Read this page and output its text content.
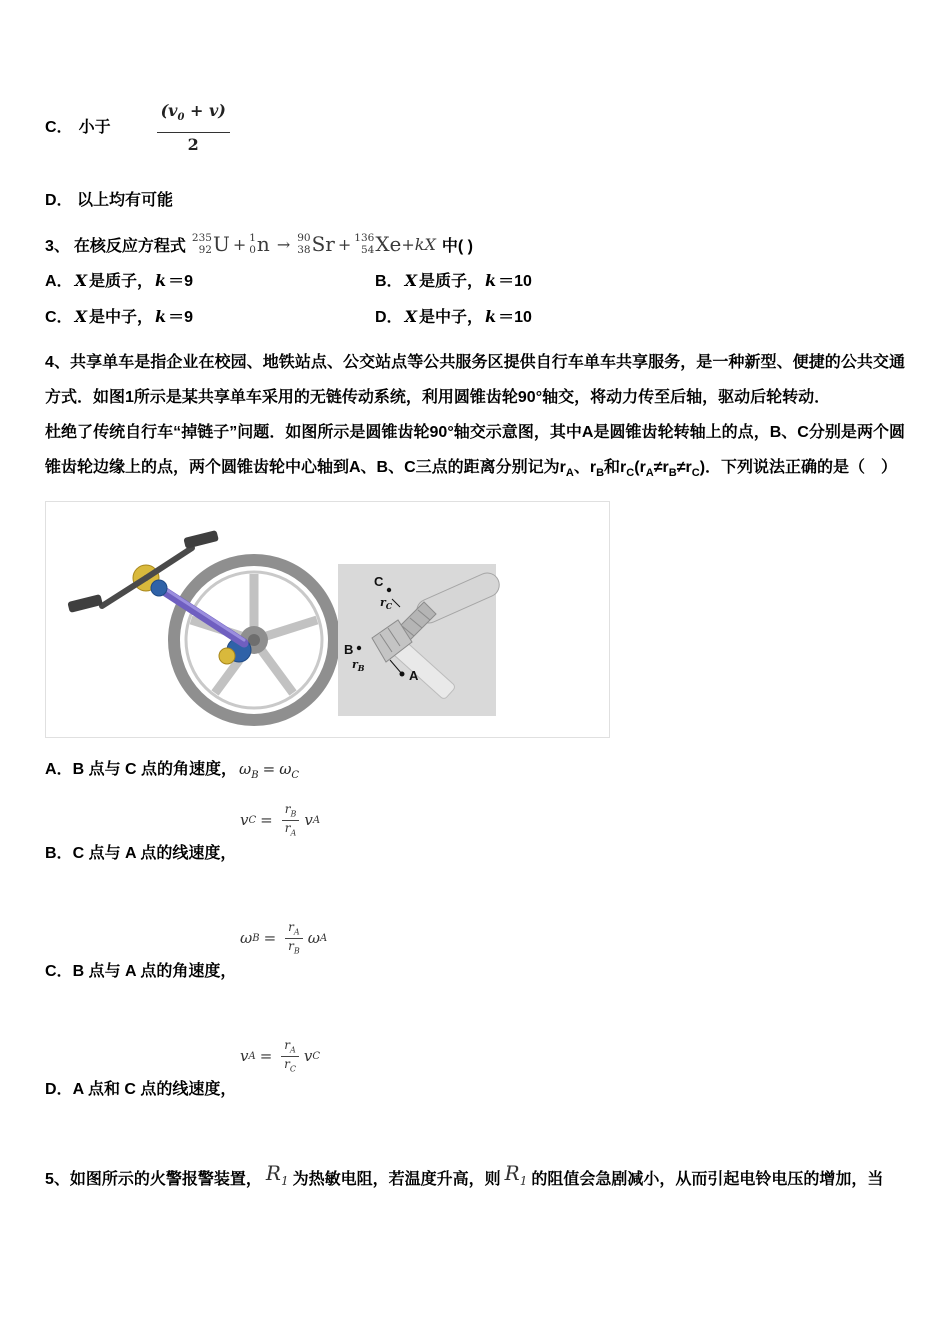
C． 小于	$\frac{(v_0 + v)}{2}$
D． 以上均有可能
3、 在核反应方程式 235
92 U + 1
0 n → 90
38 Sr + 136
54 Xe +kX 中( )
A． X 是质子， k ＝9	B． X 是质子， k ＝10
C． X 是中子， k ＝9	D． X 是中子， k ＝10

4、共享单车是指企业在校园、地铁站点、公交站点等公共服务区提供自行车单车共享服务，是一种新型、便捷的公共交通方式．如图1所示是某共享单车采用的无链传动系统，利用圆锥齿轮90°轴交，将动力传至后轴，驱动后轮转动．

杜绝了传统自行车“掉链子”问题．如图所示是圆锥齿轮90°轴交示意图，其中A是圆锥齿轮转轴上的点，B、C分别是两个圆锥齿轮边缘上的点，两个圆锥齿轮中心轴到A、B、C三点的距离分别记为$r_A$、$r_B$和$r_C(r_A\ne r_B\ne r_C)$．下列说法正确的是（　）

C
$r_C$
B
$r_B$	A
A．B 点与 C 点的角速度， $\omega_B = \omega_C$
v $C = \frac{r_B}{r_A}$ v A
B．C 点与 A 点的线速度，
ω $B = \frac{r_A}{r_B}$ ω A
C．B 点与 A 点的角速度，
v $A = \frac{r_A}{r_C}$ v C
D．A 点和 C 点的线速度，
5、如图所示的火警报警装置， $R_1$ 为热敏电阻，若温度升高，则 $R_1$ 的阻值会急剧减小，从而引起电铃电压的增加，当
